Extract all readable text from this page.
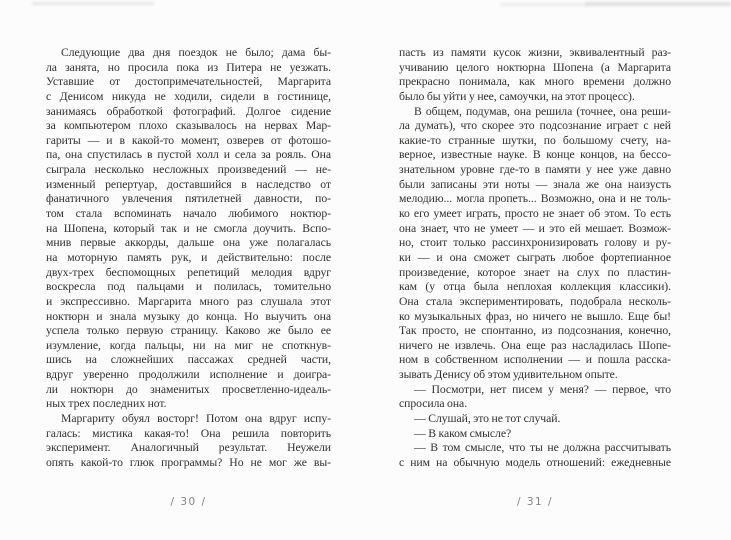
Следующие два дня поездок не было; дама бы-
ла занята, но просила пока из Питера не уезжать.
Уставшие от достопримечательностей, Маргарита
с Денисом никуда не ходили, сидели в гостинице,
занимаясь обработкой фотографий. Долгое сидение
за компьютером плохо сказывалось на нервах Мар-
гариты — и в какой-то момент, озверев от фотошо-
па, она спустилась в пустой холл и села за рояль. Она
сыграла несколько несложных произведений — не-
изменный репертуар, доставшийся в наследство от
фанатичного увлечения пятилетней давности, по-
том стала вспоминать начало любимого ноктюр-
на Шопена, который так и не смогла доучить. Вспо-
мнив первые аккорды, дальше она уже полагалась
на моторную память рук, и действительно: после
двух-трех беспомощных репетиций мелодия вдруг
воскресла под пальцами и полилась, томительно
и экспрессивно. Маргарита много раз слушала этот
ноктюрн и знала музыку до конца. Но выучить она
успела только первую страницу. Каково же было ее
изумление, когда пальцы, ни на миг не споткнув-
шись на сложнейших пассажах средней части,
вдруг уверенно продолжили исполнение и доигра-
ли ноктюрн до знаменитых просветленно-идеаль-
ных трех последних нот.
Маргариту обуял восторг! Потом она вдруг испу-
галась: мистика какая-то! Она решила повторить
эксперимент. Аналогичный результат. Неужели
опять какой-то глюк программы? Но не мог же вы-
/ 30 /
пасть из памяти кусок жизни, эквивалентный раз-
учиванию целого ноктюрна Шопена (а Маргарита
прекрасно понимала, как много времени должно
было бы уйти у нее, самоучки, на этот процесс).
В общем, подумав, она решила (точнее, она реши-
ла думать), что скорее это подсознание играет с ней
какие-то странные шутки, по большому счету, на-
верное, известные науке. В конце концов, на бессо-
знательном уровне где-то в памяти у нее уже давно
были записаны эти ноты — знала же она наизусть
мелодию... могла пропеть... Возможно, она и не толь-
ко его умеет играть, просто не знает об этом. То есть
она знает, что не умеет — и это ей мешает. Возмож-
но, стоит только рассинхронизировать голову и ру-
ки — и она сможет сыграть любое фортепианное
произведение, которое знает на слух по пластин-
кам (у отца была неплохая коллекция классики).
Она стала экспериментировать, подобрала несколь-
ко музыкальных фраз, но ничего не вышло. Еще бы!
Так просто, не спонтанно, из подсознания, конечно,
ничего не извлечь. Она еще раз насладилась Шопе-
ном в собственном исполнении — и пошла расска-
зывать Денису об этом удивительном опыте.
— Посмотри, нет писем у меня? — первое, что
спросила она.
— Слушай, это не тот случай.
— В каком смысле?
— В том смысле, что ты не должна рассчитывать
с ним на обычную модель отношений: ежедневные
/ 31 /
